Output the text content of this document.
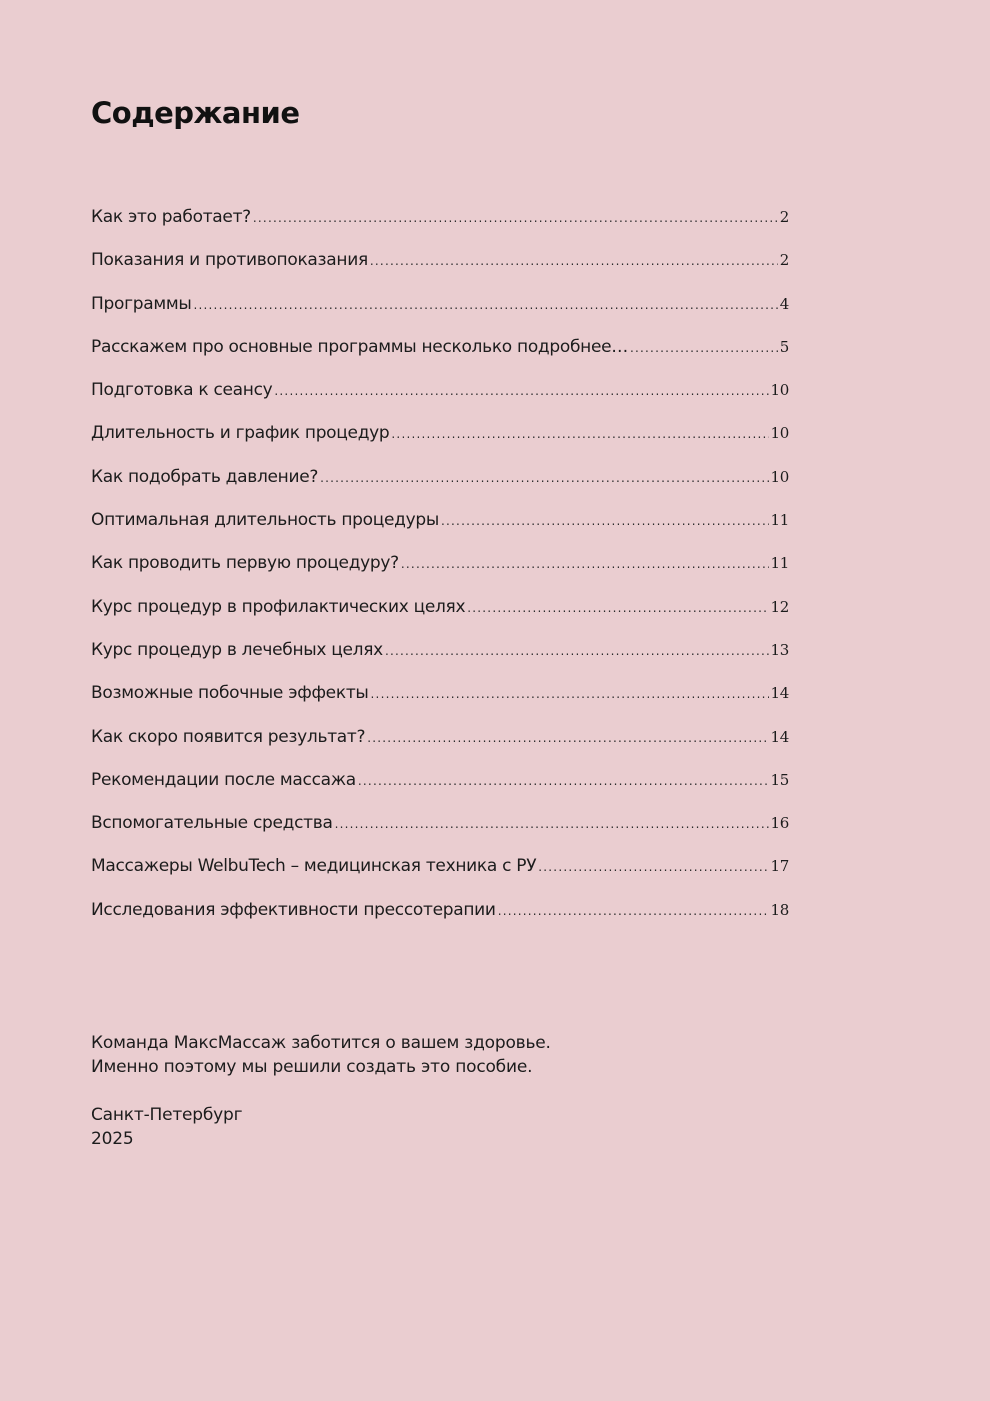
Содержание
Как это работает? .....	2
Показания и противопоказания .....	2
Программы .....	4
Расскажем про основные программы несколько подробнее… .....	5
Подготовка к сеансу .....	10
Длительность и график процедур .....	10
Как подобрать давление? .....	10
Оптимальная длительность процедуры .....	11
Как проводить первую процедуру? .....	11
Курс процедур в профилактических целях .....	12
Курс процедур в лечебных целях .....	13
Возможные побочные эффекты .....	14
Как скоро появится результат? .....	14
Рекомендации после массажа .....	15
Вспомогательные средства .....	16
Массажеры WelbuTech – медицинская техника с РУ .....	17
Исследования эффективности прессотерапии .....	18

Команда МаксМассаж заботится о вашем здоровье.

Именно поэтому мы решили создать это пособие.

Санкт-Петербург

2025
